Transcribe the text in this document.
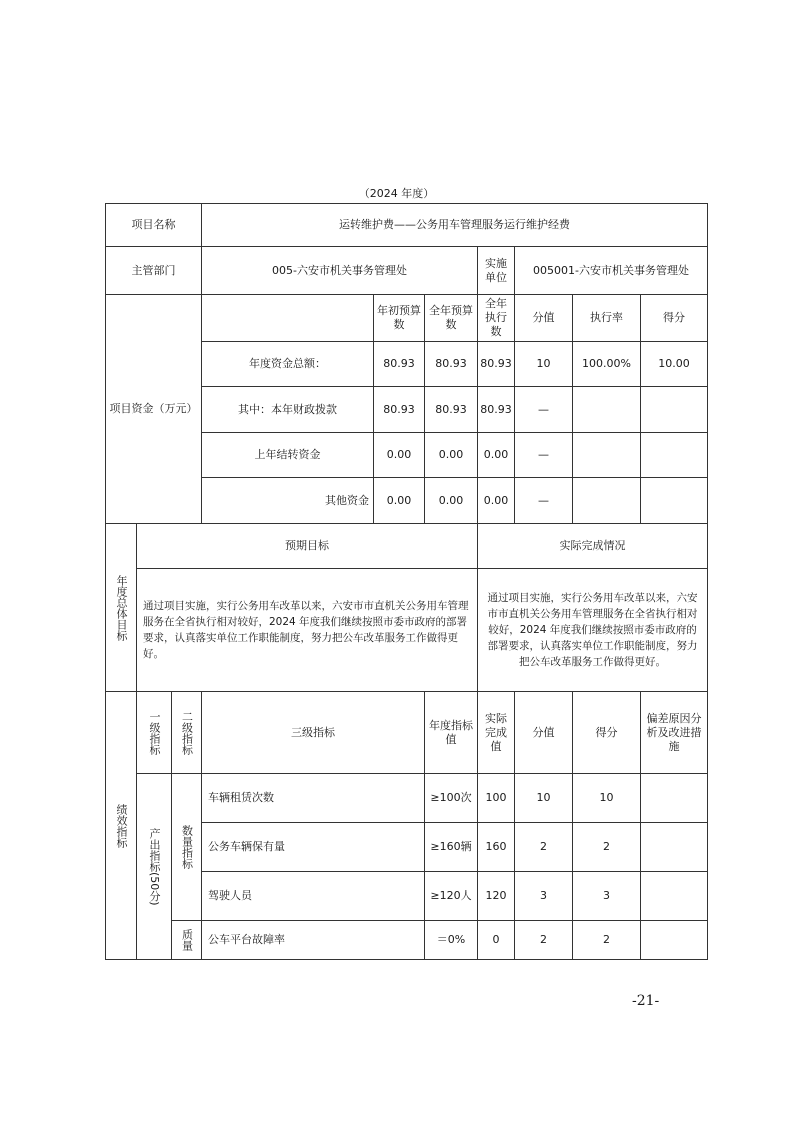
（2024 年度）
项目名称			运转维护费——公务用车管理服务运行维护经费						
主管部门			005-六安市机关事务管理处			实施单位	005001-六安市机关事务管理处		
项目资金（万元）				年初预算数	全年预算数	全年执行数	分值	执行率	得分
			年度资金总额：	80.93	80.93	80.93	10	100.00%	10.00
			其中：本年财政拨款	80.93	80.93	80.93	—		
			上年结转资金	0.00	0.00	0.00	—		
			其他资金	0.00	0.00	0.00	—		

年度总体目标	预期目标					实际完成情况			
	通过项目实施，实行公务用车改革以来，六安市市直机关公务用车管理服务在全省执行相对较好，2024 年度我们继续按照市委市政府的部署要求，认真落实单位工作职能制度，努力把公车改革服务工作做得更好。					通过项目实施，实行公务用车改革以来，六安市市直机关公务用车管理服务在全省执行相对较好，2024 年度我们继续按照市委市政府的部署要求，认真落实单位工作职能制度，努力把公车改革服务工作做得更好。			

绩效指标	一级指标	二级指标	三级指标		年度指标值	实际完成值	分值	得分	偏差原因分析及改进措施

	产出指标(50分)	数量指标	车辆租赁次数		≥100次	100	10	10	
			公务车辆保有量		≥160辆	160	2	2	
			驾驶人员		≥120人	120	3	3	

		质量	公车平台故障率		＝0%	0	2	2	
-21-
